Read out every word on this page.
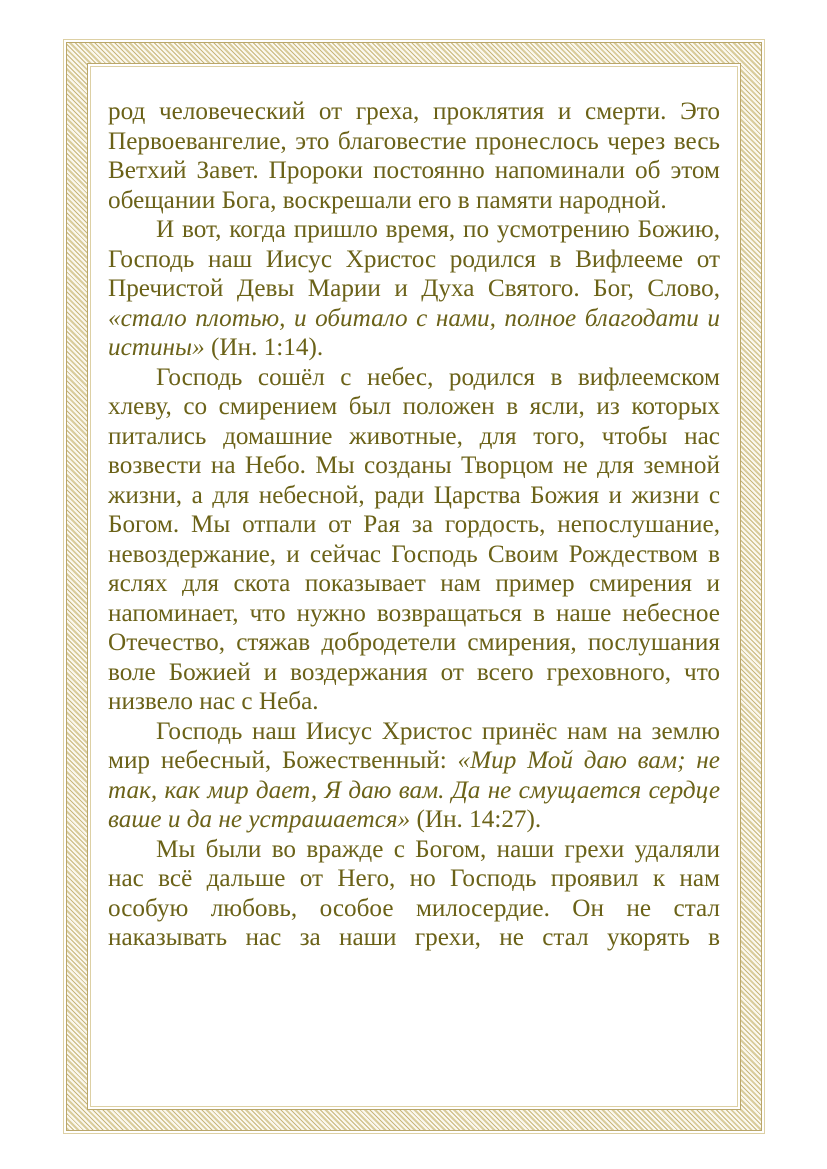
род человеческий от греха, проклятия и смерти. Это Первоевангелие, это благовестие пронеслось через весь Ветхий Завет. Пророки постоянно напоминали об этом обещании Бога, воскрешали его в памяти народной.

И вот, когда пришло время, по усмотрению Божию, Господь наш Иисус Христос родился в Вифлееме от Пречистой Девы Марии и Духа Святого. Бог, Слово, «стало плотью, и обитало с нами, полное благодати и истины» (Ин. 1:14).

Господь сошёл с небес, родился в вифлеемском хлеву, со смирением был положен в ясли, из которых питались домашние животные, для того, чтобы нас возвести на Небо. Мы созданы Творцом не для земной жизни, а для небесной, ради Царства Божия и жизни с Богом. Мы отпали от Рая за гордость, непослушание, невоздержание, и сейчас Господь Своим Рождеством в яслях для скота показывает нам пример смирения и напоминает, что нужно возвращаться в наше небесное Отечество, стяжав добродетели смирения, послушания воле Божией и воздержания от всего греховного, что низвело нас с Неба.

Господь наш Иисус Христос принёс нам на землю мир небесный, Божественный: «Мир Мой даю вам; не так, как мир дает, Я даю вам. Да не смущается сердце ваше и да не устрашается» (Ин. 14:27).

Мы были во вражде с Богом, наши грехи удаляли нас всё дальше от Него, но Господь проявил к нам особую любовь, особое милосердие. Он не стал наказывать нас за наши грехи, не стал укорять в
